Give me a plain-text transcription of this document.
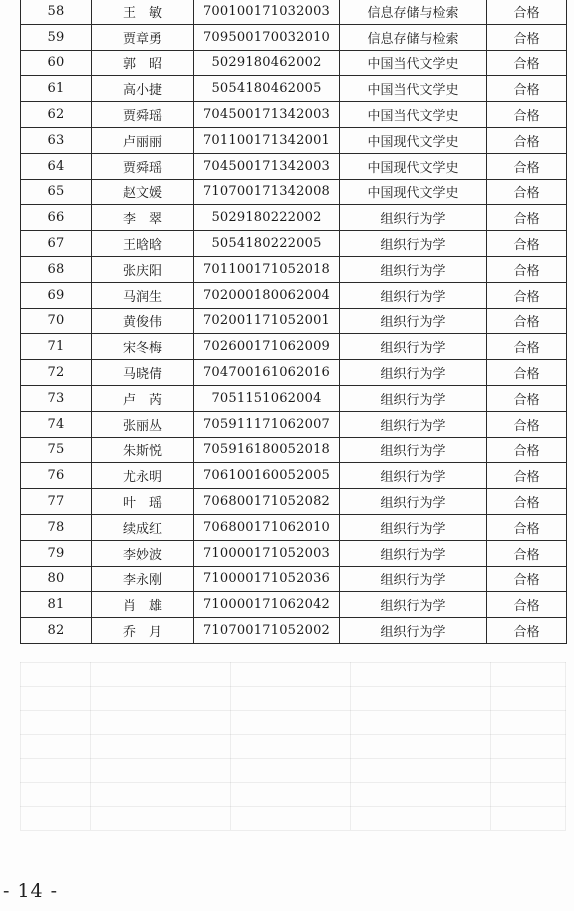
58	王　敏	700100171032003	信息存储与检索	合格
59	贾章勇	709500170032010	信息存储与检索	合格
60	郭　昭	5029180462002	中国当代文学史	合格
61	高小捷	5054180462005	中国当代文学史	合格
62	贾舜瑶	704500171342003	中国当代文学史	合格
63	卢丽丽	701100171342001	中国现代文学史	合格
64	贾舜瑶	704500171342003	中国现代文学史	合格
65	赵文媛	710700171342008	中国现代文学史	合格
66	李　翠	5029180222002	组织行为学	合格
67	王晗晗	5054180222005	组织行为学	合格
68	张庆阳	701100171052018	组织行为学	合格
69	马润生	702000180062004	组织行为学	合格
70	黄俊伟	702001171052001	组织行为学	合格
71	宋冬梅	702600171062009	组织行为学	合格
72	马晓倩	704700161062016	组织行为学	合格
73	卢　芮	7051151062004	组织行为学	合格
74	张丽丛	705911171062007	组织行为学	合格
75	朱斯悦	705916180052018	组织行为学	合格
76	尤永明	706100160052005	组织行为学	合格
77	叶　瑶	706800171052082	组织行为学	合格
78	续成红	706800171062010	组织行为学	合格
79	李妙波	710000171052003	组织行为学	合格
80	李永刚	710000171052036	组织行为学	合格
81	肖　雄	710000171062042	组织行为学	合格
82	乔　月	710700171052002	组织行为学	合格
- 14 -
